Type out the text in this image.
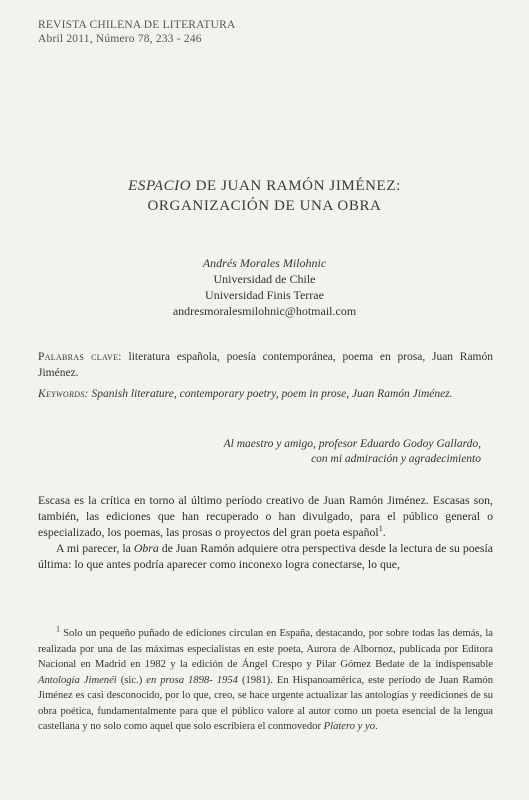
REVISTA CHILENA DE LITERATURA
Abril 2011, Número 78, 233 - 246
ESPACIO DE JUAN RAMÓN JIMÉNEZ:
ORGANIZACIÓN DE UNA OBRA
Andrés Morales Milohnic
Universidad de Chile
Universidad Finis Terrae
andresmoralesmilohnic@hotmail.com
Palabras clave: literatura española, poesía contemporánea, poema en prosa, Juan Ramón Jiménez.
Keywords: Spanish literature, contemporary poetry, poem in prose, Juan Ramón Jiménez.
Al maestro y amigo, profesor Eduardo Godoy Gallardo,
con mi admiración y agradecimiento
Escasa es la crítica en torno al último período creativo de Juan Ramón Jiménez. Escasas son, también, las ediciones que han recuperado o han divulgado, para el público general o especializado, los poemas, las prosas o proyectos del gran poeta español$^1$.
A mi parecer, la Obra de Juan Ramón adquiere otra perspectiva desde la lectura de su poesía última: lo que antes podría aparecer como inconexo logra conectarse, lo que,
$^1$ Solo un pequeño puñado de ediciones circulan en España, destacando, por sobre todas las demás, la realizada por una de las máximas especialistas en este poeta, Aurora de Albornoz, publicada por Editora Nacional en Madrid en 1982 y la edición de Ángel Crespo y Pilar Gómez Bedate de la indispensable Antología Jimenéi (sic.) en prosa 1898- 1954 (1981). En Hispanoamérica, este período de Juan Ramón Jiménez es casi desconocido, por lo que, creo, se hace urgente actualizar las antologías y reediciones de su obra poética, fundamentalmente para que el público valore al autor como un poeta esencial de la lengua castellana y no solo como aquel que solo escribiera el conmovedor Platero y yo.
